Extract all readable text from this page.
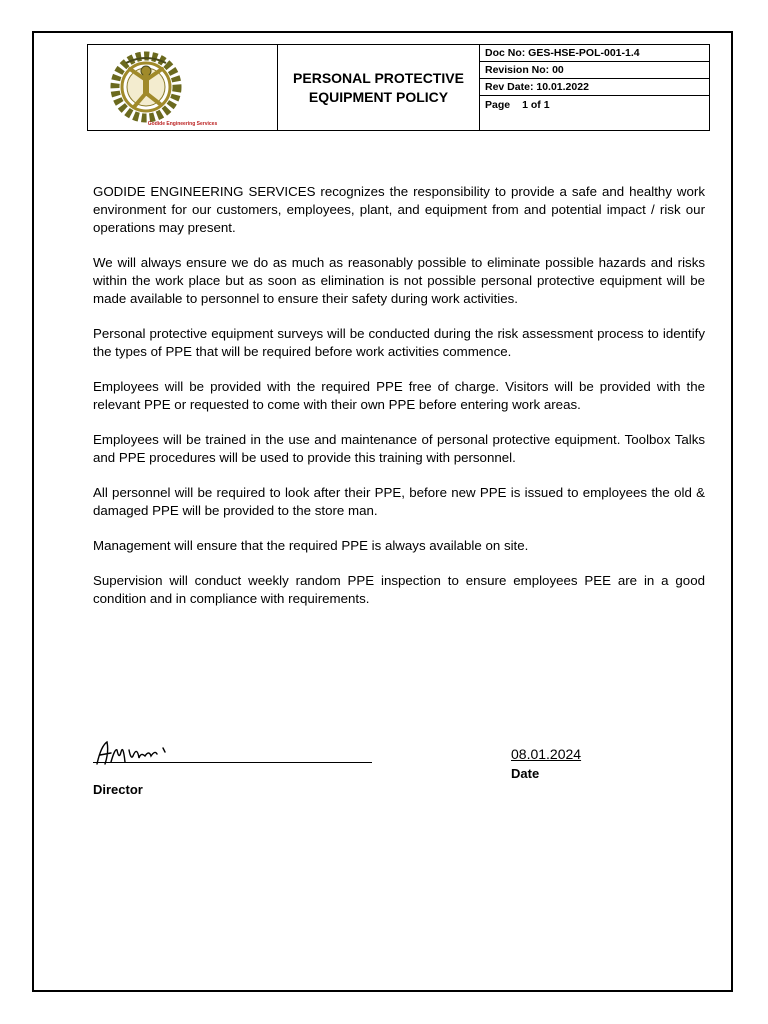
Godide Engineering Services
PERSONAL PROTECTIVE EQUIPMENT POLICY
Doc No: GES-HSE-POL-001-1.4
Revision No: 00
Rev Date: 10.01.2022
Page 1 of 1

GODIDE ENGINEERING SERVICES recognizes the responsibility to provide a safe and healthy work environment for our customers, employees, plant, and equipment from and potential impact / risk our operations may present.

We will always ensure we do as much as reasonably possible to eliminate possible hazards and risks within the work place but as soon as elimination is not possible personal protective equipment will be made available to personnel to ensure their safety during work activities.

Personal protective equipment surveys will be conducted during the risk assessment process to identify the types of PPE that will be required before work activities commence.

Employees will be provided with the required PPE free of charge. Visitors will be provided with the relevant PPE or requested to come with their own PPE before entering work areas.

Employees will be trained in the use and maintenance of personal protective equipment. Toolbox Talks and PPE procedures will be used to provide this training with personnel.

All personnel will be required to look after their PPE, before new PPE is issued to employees the old & damaged PPE will be provided to the store man.

Management will ensure that the required PPE is always available on site.

Supervision will conduct weekly random PPE inspection to ensure employees PEE are in a good condition and in compliance with requirements.

Director
08.01.2024
Date
